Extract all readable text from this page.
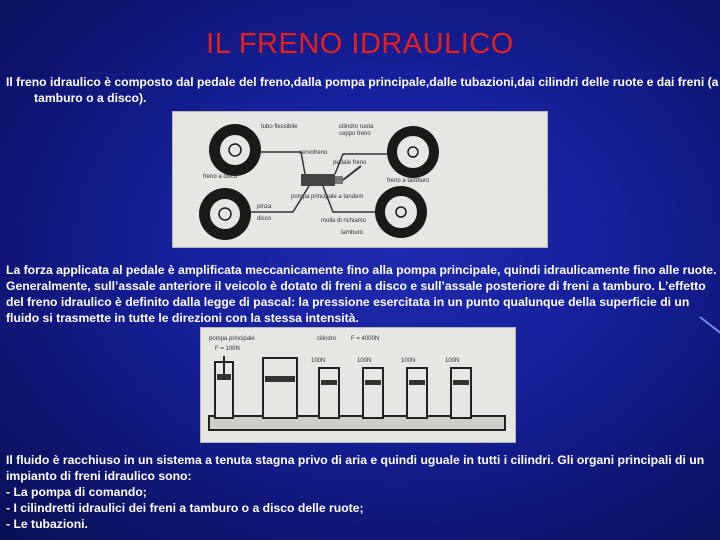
IL FRENO IDRAULICO
Il freno idraulico è composto dal pedale del freno,dalla pompa principale,dalle tubazioni,dai cilindri delle ruote e dai freni (a
tamburo o a disco).
tubo flessibile	cilindro ruota
ceppo freno
servofreno
pedale freno
freno a disco
freno a tamburo
pompa principale a tandem
pinza
disco	molla di richiamo
tamburo
La forza applicata al pedale è amplificata meccanicamente fino alla pompa principale, quindi idraulicamente fino alle ruote.
Generalmente, sull’assale anteriore il veicolo è dotato di freni a disco e sull’assale posteriore di freni a tamburo. L’effetto
del freno idraulico è definito dalla legge di pascal: la pressione esercitata in un punto qualunque della superficie di un
fluido si trasmette in tutte le direzioni con la stessa intensità.
pompa principale
F = 100N
cilindro F = 4000N
100N	100N	100N	100N
Il fluido è racchiuso in un sistema a tenuta stagna privo di aria e quindi uguale in tutti i cilindri. Gli organi principali di un
impianto di freni idraulico sono:
- La pompa di comando;
- I cilindretti idraulici dei freni a tamburo o a disco delle ruote;
- Le tubazioni.
